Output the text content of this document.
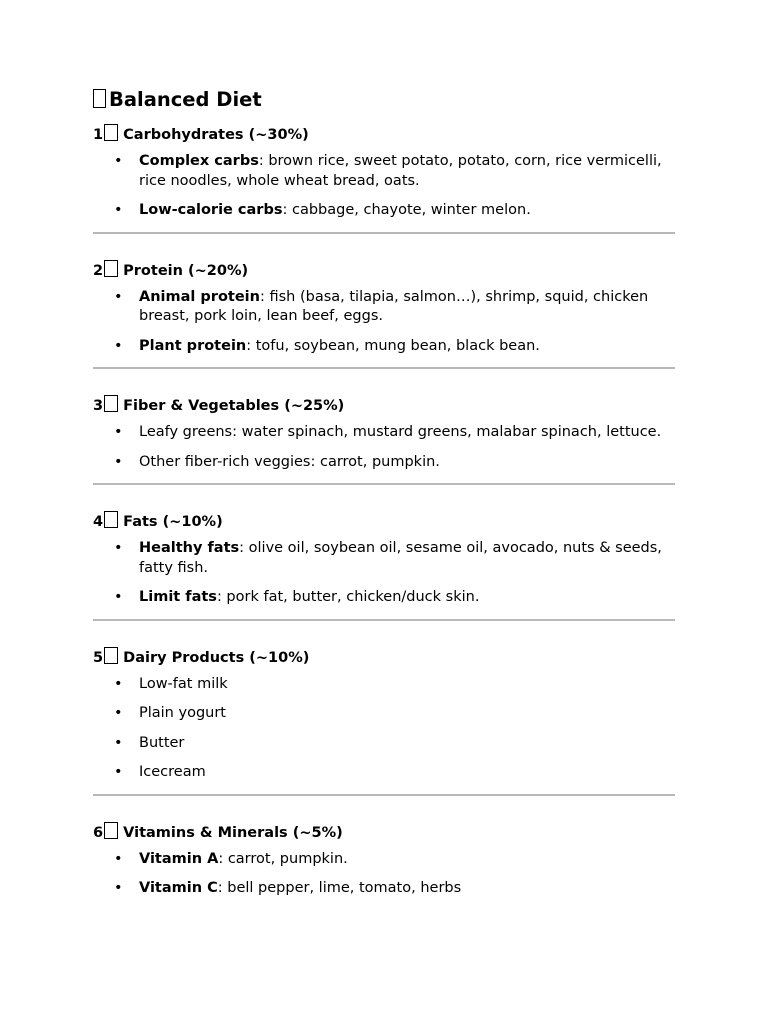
Balanced Diet
1 Carbohydrates (~30%)
• Complex carbs: brown rice, sweet potato, potato, corn, rice vermicelli, rice noodles, whole wheat bread, oats.
• Low-calorie carbs: cabbage, chayote, winter melon.
2 Protein (~20%)
• Animal protein: fish (basa, tilapia, salmon…), shrimp, squid, chicken breast, pork loin, lean beef, eggs.
• Plant protein: tofu, soybean, mung bean, black bean.
3 Fiber & Vegetables (~25%)
• Leafy greens: water spinach, mustard greens, malabar spinach, lettuce.
• Other fiber-rich veggies: carrot, pumpkin.
4 Fats (~10%)
• Healthy fats: olive oil, soybean oil, sesame oil, avocado, nuts & seeds, fatty fish.
• Limit fats: pork fat, butter, chicken/duck skin.
5 Dairy Products (~10%)
• Low-fat milk
• Plain yogurt
• Butter
• Icecream
6 Vitamins & Minerals (~5%)
• Vitamin A: carrot, pumpkin.
• Vitamin C: bell pepper, lime, tomato, herbs
